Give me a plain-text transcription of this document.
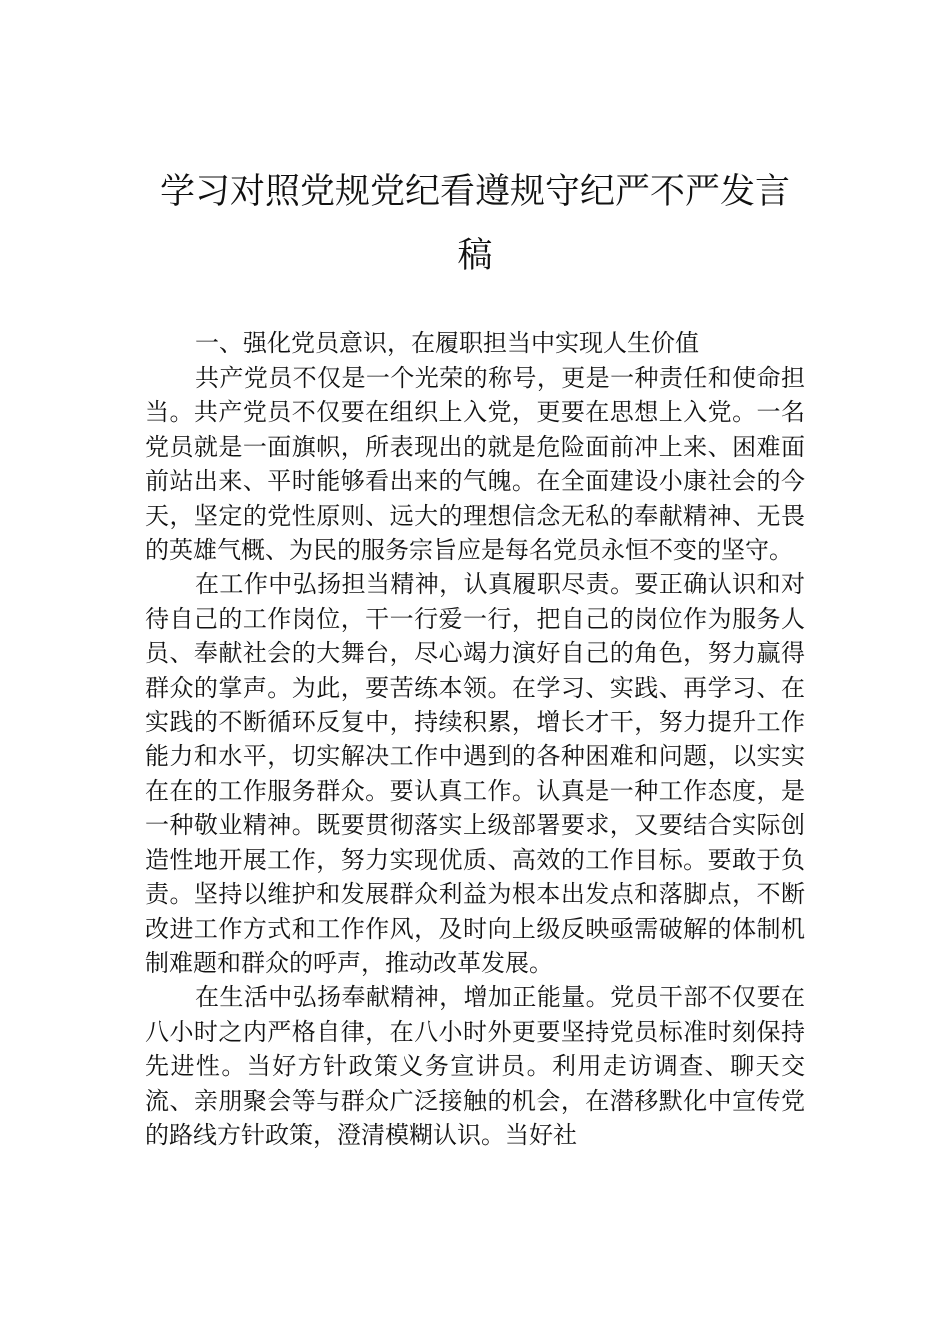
学习对照党规党纪看遵规守纪严不严发言稿
一、强化党员意识，在履职担当中实现人生价值

共产党员不仅是一个光荣的称号，更是一种责任和使命担当。共产党员不仅要在组织上入党，更要在思想上入党。一名党员就是一面旗帜，所表现出的就是危险面前冲上来、困难面前站出来、平时能够看出来的气魄。在全面建设小康社会的今天，坚定的党性原则、远大的理想信念无私的奉献精神、无畏的英雄气概、为民的服务宗旨应是每名党员永恒不变的坚守。

在工作中弘扬担当精神，认真履职尽责。要正确认识和对待自己的工作岗位，干一行爱一行，把自己的岗位作为服务人员、奉献社会的大舞台，尽心竭力演好自己的角色，努力赢得群众的掌声。为此，要苦练本领。在学习、实践、再学习、在实践的不断循环反复中，持续积累，增长才干，努力提升工作能力和水平，切实解决工作中遇到的各种困难和问题，以实实在在的工作服务群众。要认真工作。认真是一种工作态度，是一种敬业精神。既要贯彻落实上级部署要求，又要结合实际创造性地开展工作，努力实现优质、高效的工作目标。要敢于负责。坚持以维护和发展群众利益为根本出发点和落脚点，不断改进工作方式和工作作风，及时向上级反映亟需破解的体制机制难题和群众的呼声，推动改革发展。

在生活中弘扬奉献精神，增加正能量。党员干部不仅要在八小时之内严格自律，在八小时外更要坚持党员标准时刻保持先进性。当好方针政策义务宣讲员。利用走访调查、聊天交流、亲朋聚会等与群众广泛接触的机会，在潜移默化中宣传党的路线方针政策，澄清模糊认识。当好社
